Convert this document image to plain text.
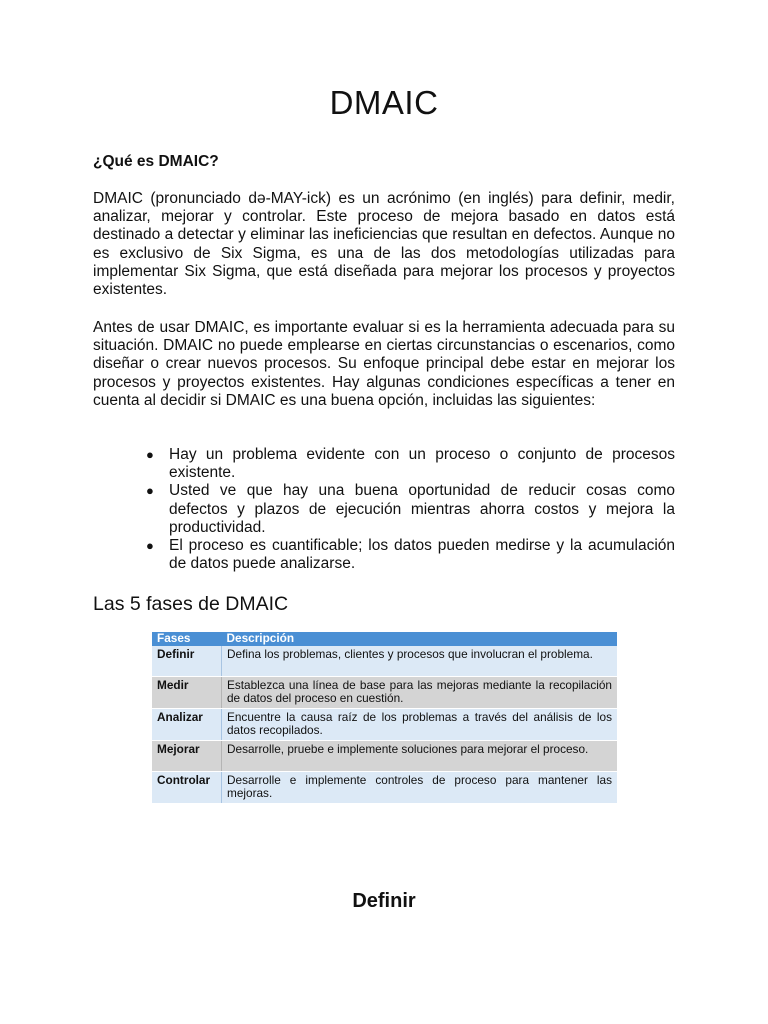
DMAIC

¿Qué es DMAIC?

DMAIC (pronunciado də-MAY-ick) es un acrónimo (en inglés) para definir, medir, analizar, mejorar y controlar. Este proceso de mejora basado en datos está destinado a detectar y eliminar las ineficiencias que resultan en defectos. Aunque no es exclusivo de Six Sigma, es una de las dos metodologías utilizadas para implementar Six Sigma, que está diseñada para mejorar los procesos y proyectos existentes.

Antes de usar DMAIC, es importante evaluar si es la herramienta adecuada para su situación. DMAIC no puede emplearse en ciertas circunstancias o escenarios, como diseñar o crear nuevos procesos. Su enfoque principal debe estar en mejorar los procesos y proyectos existentes. Hay algunas condiciones específicas a tener en cuenta al decidir si DMAIC es una buena opción, incluidas las siguientes:

● Hay un problema evidente con un proceso o conjunto de procesos existente.
● Usted ve que hay una buena oportunidad de reducir cosas como defectos y plazos de ejecución mientras ahorra costos y mejora la productividad.
● El proceso es cuantificable; los datos pueden medirse y la acumulación de datos puede analizarse.
Las 5 fases de DMAIC
Fases	Descripción
Definir	Defina los problemas, clientes y procesos que involucran el problema.
Medir	Establezca una línea de base para las mejoras mediante la recopilación de datos del proceso en cuestión.
Analizar	Encuentre la causa raíz de los problemas a través del análisis de los datos recopilados.
Mejorar	Desarrolle, pruebe e implemente soluciones para mejorar el proceso.
Controlar	Desarrolle e implemente controles de proceso para mantener las mejoras.
Definir
